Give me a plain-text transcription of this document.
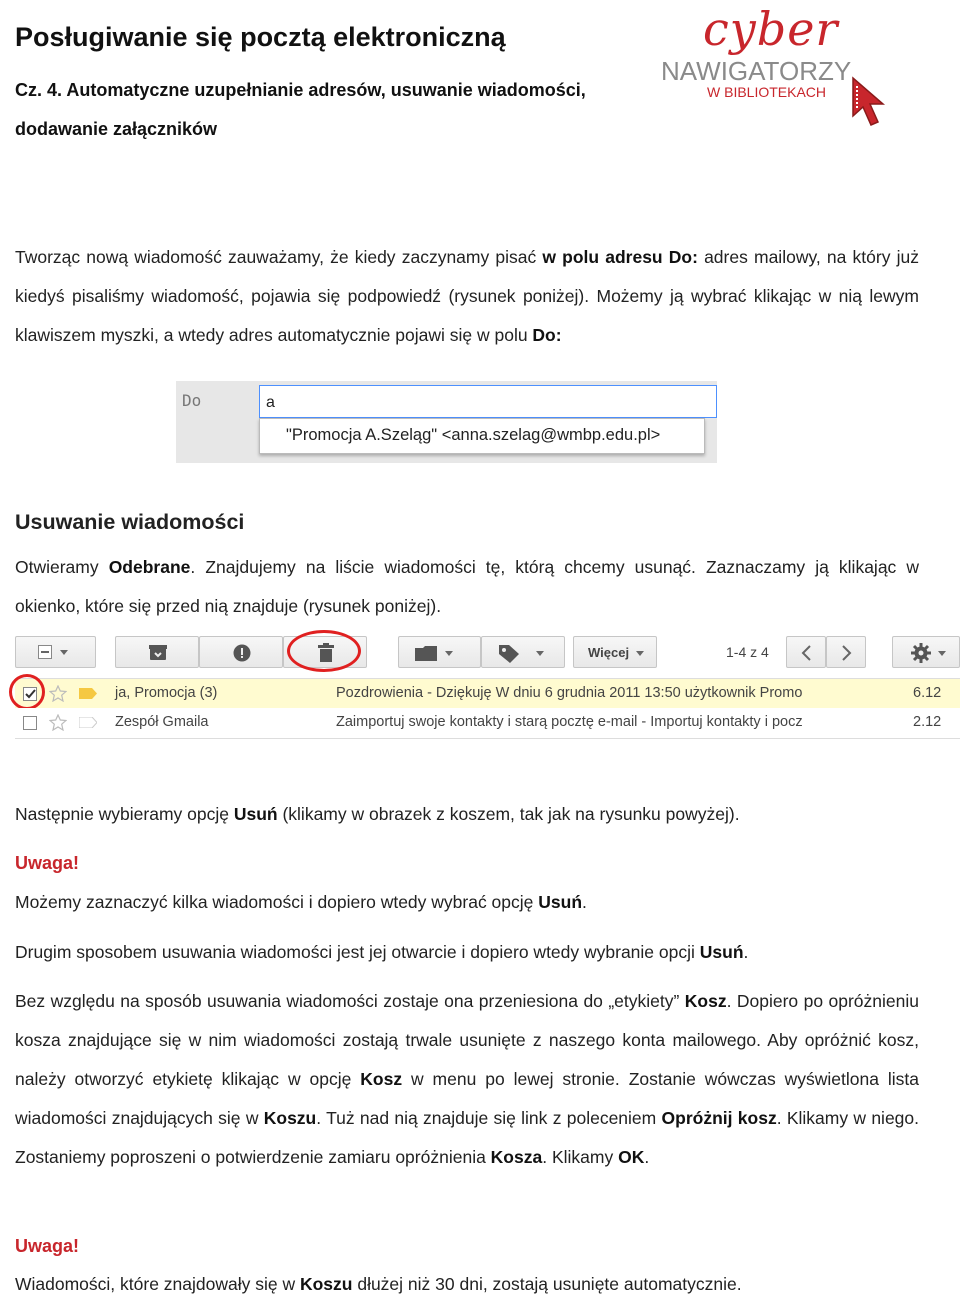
Posługiwanie się pocztą elektroniczną
Cz. 4. Automatyczne uzupełnianie adresów, usuwanie wiadomości,
dodawanie załączników
cyber
NAWIGATORZY
W BIBLIOTEKACH
Tworząc nową wiadomość zauważamy, że kiedy zaczynamy pisać w polu adresu Do: adres mailowy, na który już kiedyś pisaliśmy wiadomość, pojawia się podpowiedź (rysunek poniżej). Możemy ją wybrać klikając w nią lewym klawiszem myszki, a wtedy adres automatycznie pojawi się w polu Do:
Do	a
"Promocja A.Szeląg" <anna.szelag@wmbp.edu.pl>
Usuwanie wiadomości
Otwieramy Odebrane. Znajdujemy na liście wiadomości tę, którą chcemy usunąć. Zaznaczamy ją klikając w okienko, które się przed nią znajduje (rysunek poniżej).
Więcej	1-4 z 4
ja, Promocja (3)	Pozdrowienia - Dziękuję W dniu 6 grudnia 2011 13:50 użytkownik Promo	6.12
Zespół Gmaila	Zaimportuj swoje kontakty i starą pocztę e-mail - Importuj kontakty i pocz	2.12
Następnie wybieramy opcję Usuń (klikamy w obrazek z koszem, tak jak na rysunku powyżej).
Uwaga!
Możemy zaznaczyć kilka wiadomości i dopiero wtedy wybrać opcję Usuń.
Drugim sposobem usuwania wiadomości jest jej otwarcie i dopiero wtedy wybranie opcji Usuń.
Bez względu na sposób usuwania wiadomości zostaje ona przeniesiona do „etykiety” Kosz. Dopiero po opróżnieniu kosza znajdujące się w nim wiadomości zostają trwale usunięte z naszego konta mailowego. Aby opróżnić kosz, należy otworzyć etykietę klikając w opcję Kosz w menu po lewej stronie. Zostanie wówczas wyświetlona lista wiadomości znajdujących się w Koszu. Tuż nad nią znajduje się link z poleceniem Opróżnij kosz. Klikamy w niego. Zostaniemy poproszeni o potwierdzenie zamiaru opróżnienia Kosza. Klikamy OK.
Uwaga!
Wiadomości, które znajdowały się w Koszu dłużej niż 30 dni, zostają usunięte automatycznie.
